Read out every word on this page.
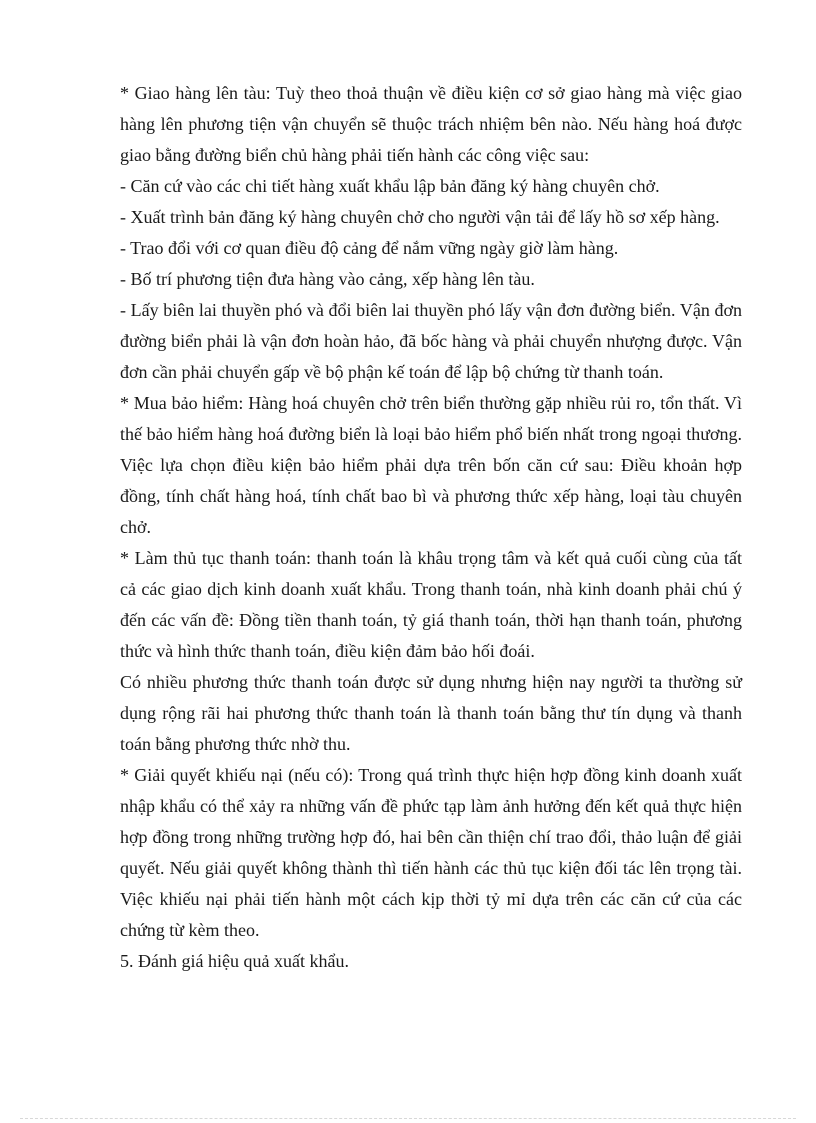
* Giao hàng lên tàu: Tuỳ theo thoả thuận về điều kiện cơ sở giao hàng mà việc giao hàng lên phương tiện vận chuyển sẽ thuộc trách nhiệm bên nào. Nếu hàng hoá được giao bằng đường biển chủ hàng phải tiến hành các công việc sau:

- Căn cứ vào các chi tiết hàng xuất khẩu lập bản đăng ký hàng chuyên chở.

- Xuất trình bản đăng ký hàng chuyên chở cho người vận tải để lấy hồ sơ xếp hàng.

- Trao đổi với cơ quan điều độ cảng để nắm vững ngày giờ làm hàng.

- Bố trí phương tiện đưa hàng vào cảng, xếp hàng lên tàu.

- Lấy biên lai thuyền phó và đổi biên lai thuyền phó lấy vận đơn đường biển. Vận đơn đường biển phải là vận đơn hoàn hảo, đã bốc hàng và phải chuyển nhượng được. Vận đơn cần phải chuyển gấp về bộ phận kế toán để lập bộ chứng từ thanh toán.

* Mua bảo hiểm: Hàng hoá chuyên chở trên biển thường gặp nhiều rủi ro, tổn thất. Vì thế bảo hiểm hàng hoá đường biển là loại bảo hiểm phổ biến nhất trong ngoại thương. Việc lựa chọn điều kiện bảo hiểm phải dựa trên bốn căn cứ sau: Điều khoản hợp đồng, tính chất hàng hoá, tính chất bao bì và phương thức xếp hàng, loại tàu chuyên chở.

* Làm thủ tục thanh toán: thanh toán là khâu trọng tâm và kết quả cuối cùng của tất cả các giao dịch kinh doanh xuất khẩu. Trong thanh toán, nhà kinh doanh phải chú ý đến các vấn đề: Đồng tiền thanh toán, tỷ giá thanh toán, thời hạn thanh toán, phương thức và hình thức thanh toán, điều kiện đảm bảo hối đoái.

Có nhiều phương thức thanh toán được sử dụng nhưng hiện nay người ta thường sử dụng rộng rãi hai phương thức thanh toán là thanh toán bằng thư tín dụng và thanh toán bằng phương thức nhờ thu.

* Giải quyết khiếu nại (nếu có): Trong quá trình thực hiện hợp đồng kinh doanh xuất nhập khẩu có thể xảy ra những vấn đề phức tạp làm ảnh hưởng đến kết quả thực hiện hợp đồng trong những trường hợp đó, hai bên cần thiện chí trao đổi, thảo luận để giải quyết. Nếu giải quyết không thành thì tiến hành các thủ tục kiện đối tác lên trọng tài. Việc khiếu nại phải tiến hành một cách kịp thời tỷ mỉ dựa trên các căn cứ của các chứng từ kèm theo.

5. Đánh giá hiệu quả xuất khẩu.
